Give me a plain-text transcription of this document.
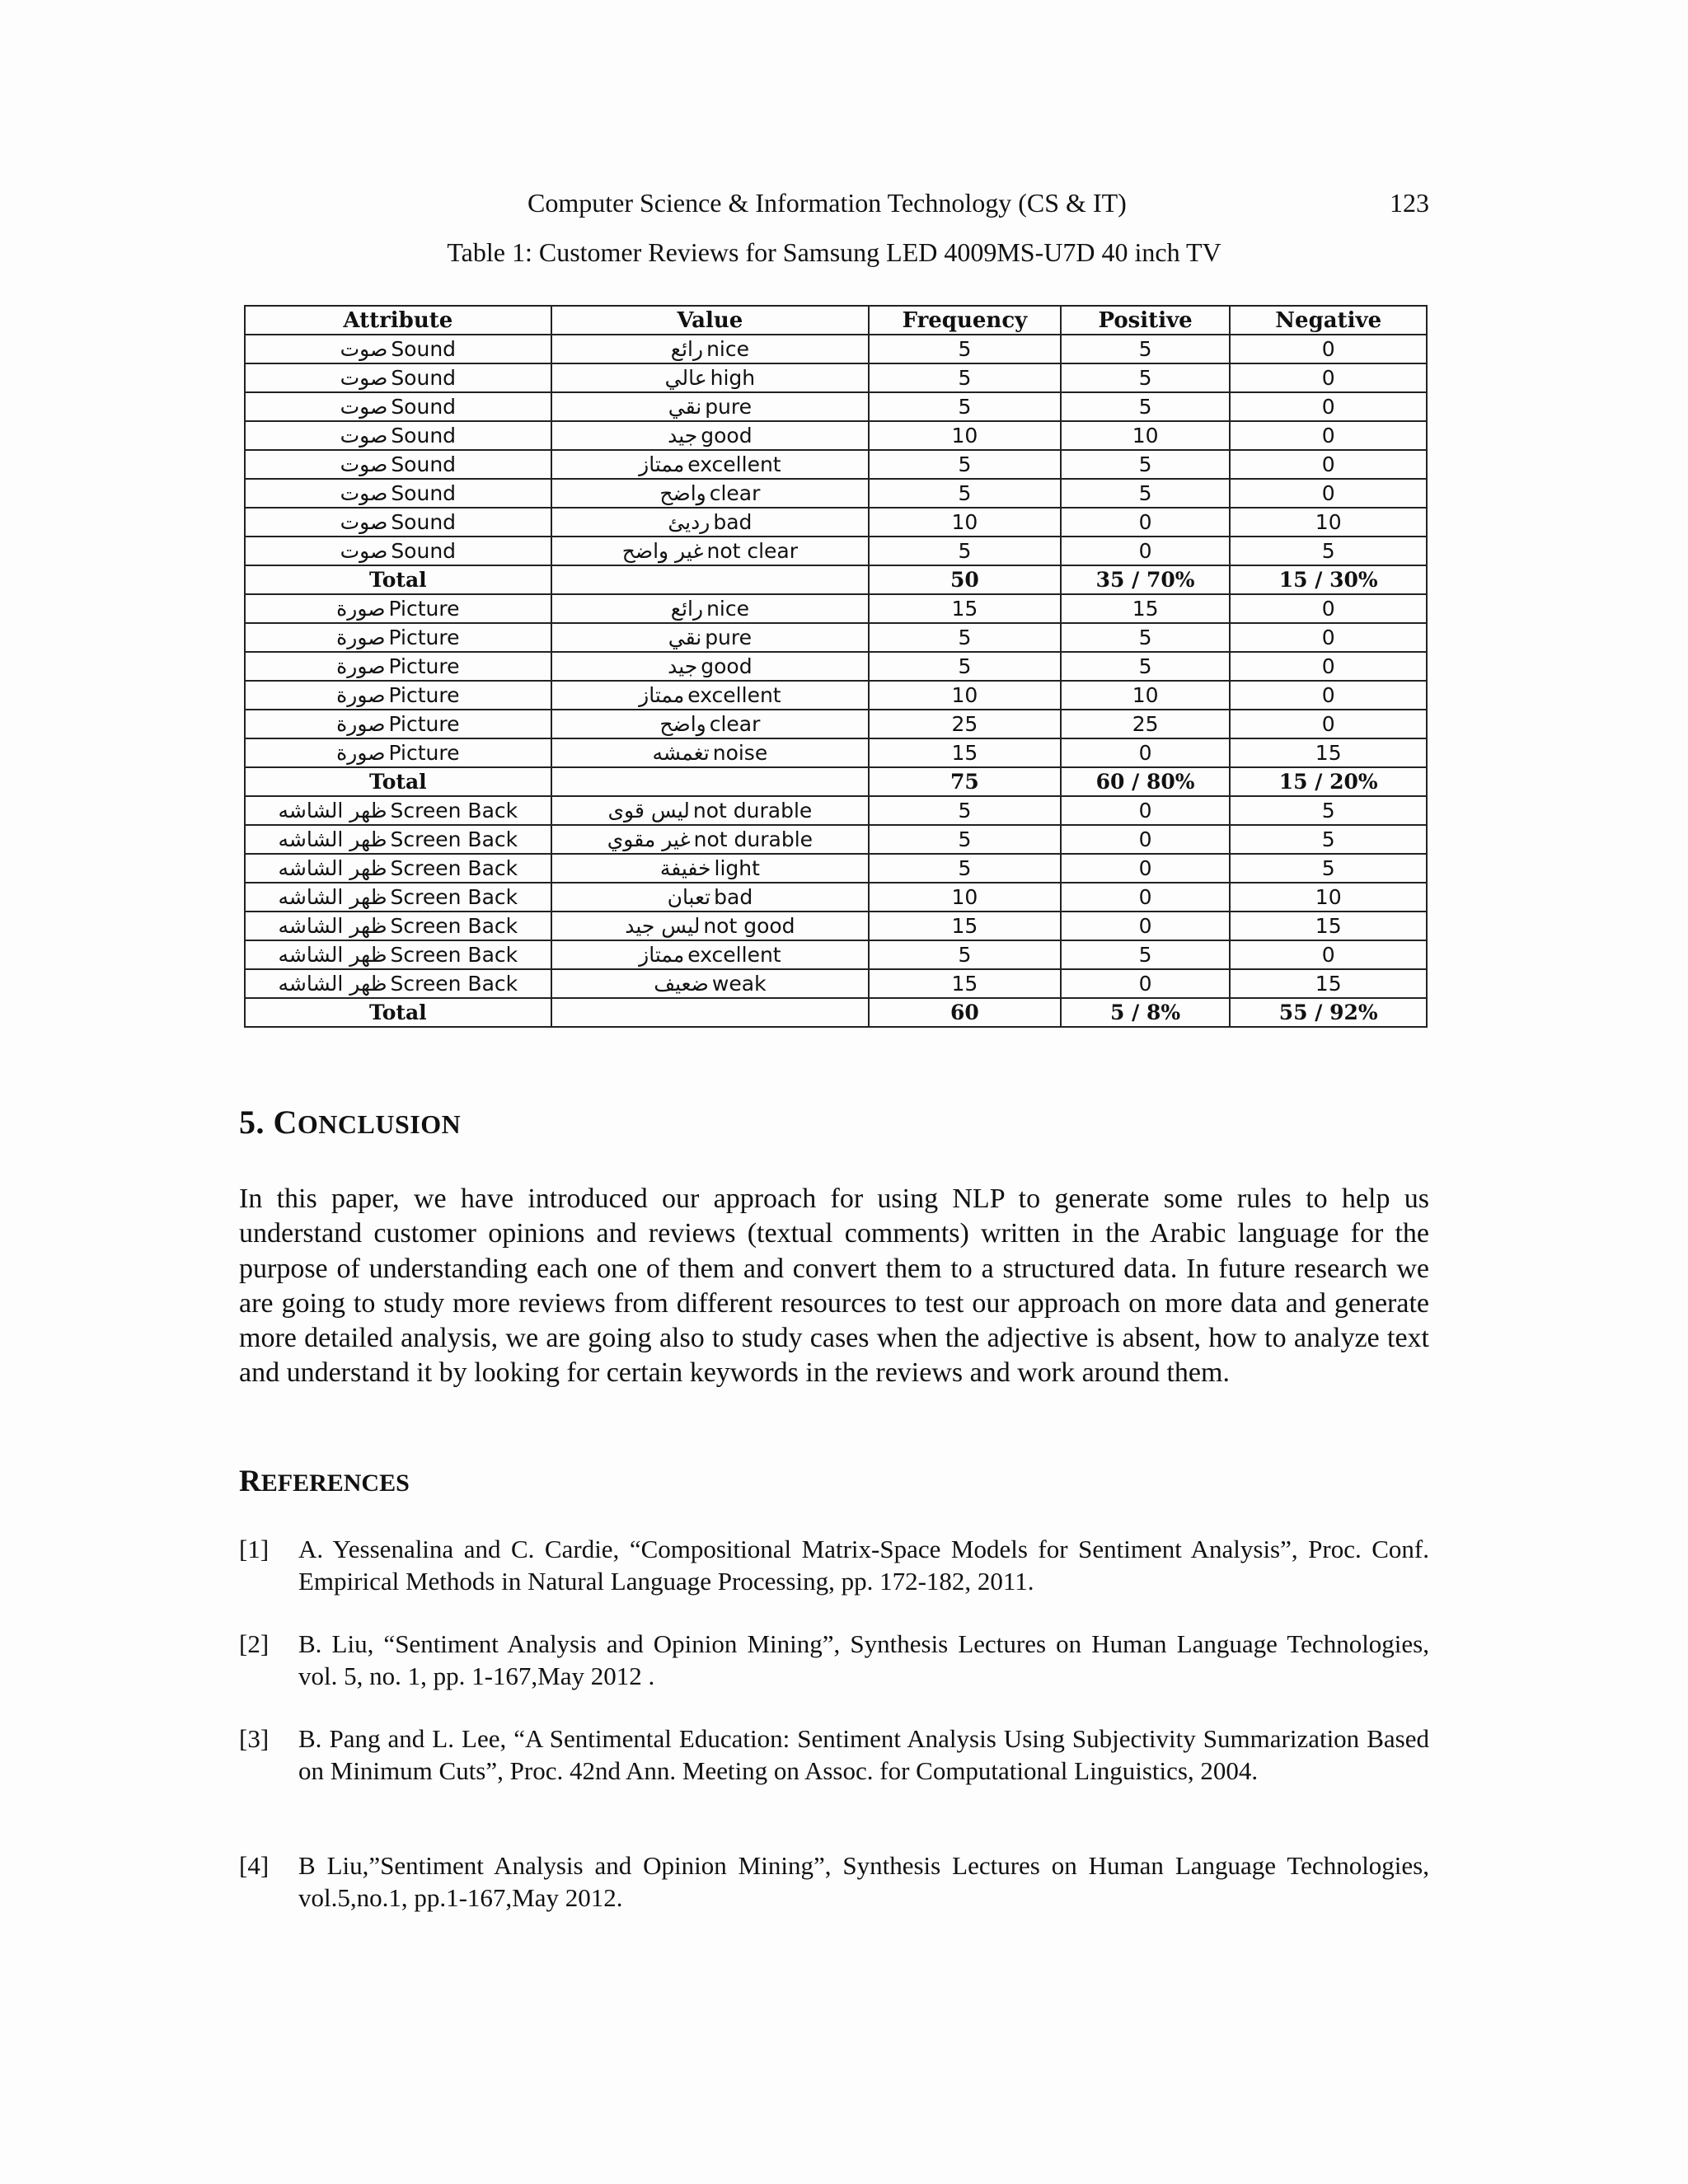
Computer Science & Information Technology (CS & IT)	123
Table 1: Customer Reviews for Samsung LED 4009MS-U7D 40 inch TV
Attribute	Value	Frequency	Positive	Negative
صوت Sound	رائع nice	5	5	0
صوت Sound	عالي high	5	5	0
صوت Sound	نقي pure	5	5	0
صوت Sound	جيد good	10	10	0
صوت Sound	ممتاز excellent	5	5	0
صوت Sound	واضح clear	5	5	0
صوت Sound	رديئ bad	10	0	10
صوت Sound	غير واضح not clear	5	0	5
Total		50	35 / 70%	15 / 30%
صورة Picture	رائع nice	15	15	0
صورة Picture	نقي pure	5	5	0
صورة Picture	جيد good	5	5	0
صورة Picture	ممتاز excellent	10	10	0
صورة Picture	واضح clear	25	25	0
صورة Picture	تغمشه noise	15	0	15
Total		75	60 / 80%	15 / 20%
ظهر الشاشه Screen Back	ليس قوى not durable	5	0	5
ظهر الشاشه Screen Back	غير مقوي not durable	5	0	5
ظهر الشاشه Screen Back	خفيفة light	5	0	5
ظهر الشاشه Screen Back	تعبان bad	10	0	10
ظهر الشاشه Screen Back	ليس جيد not good	15	0	15
ظهر الشاشه Screen Back	ممتاز excellent	5	5	0
ظهر الشاشه Screen Back	ضعيف weak	15	0	15
Total		60	5 / 8%	55 / 92%
5. CONCLUSION

In this paper, we have introduced our approach for using NLP to generate some rules to help us understand customer opinions and reviews (textual comments) written in the Arabic language for the purpose of understanding each one of them and convert them to a structured data. In future research we are going to study more reviews from different resources to test our approach on more data and generate more detailed analysis, we are going also to study cases when the adjective is absent, how to analyze text and understand it by looking for certain keywords in the reviews and work around them.

REFERENCES
[1] A. Yessenalina and C. Cardie, “Compositional Matrix-Space Models for Sentiment Analysis”, Proc. Conf. Empirical Methods in Natural Language Processing, pp. 172-182, 2011.
[2] B. Liu, “Sentiment Analysis and Opinion Mining”, Synthesis Lectures on Human Language Technologies, vol. 5, no. 1, pp. 1-167,May 2012 .
[3] B. Pang and L. Lee, “A Sentimental Education: Sentiment Analysis Using Subjectivity Summarization Based on Minimum Cuts”, Proc. 42nd Ann. Meeting on Assoc. for Computational Linguistics, 2004.
[4] B Liu,”Sentiment Analysis and Opinion Mining”, Synthesis Lectures on Human Language Technologies, vol.5,no.1, pp.1-167,May 2012.
